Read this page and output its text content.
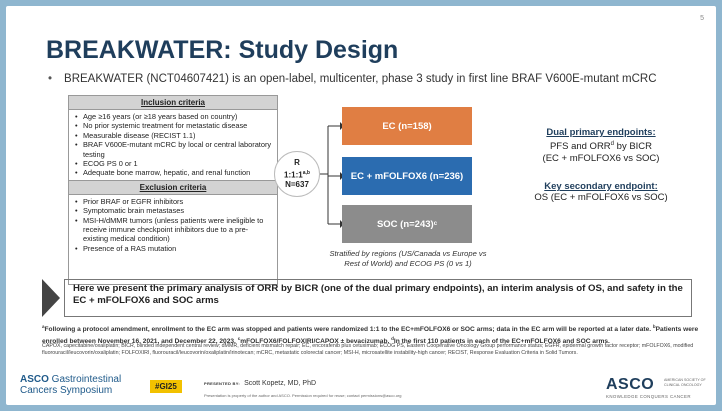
5
BREAKWATER: Study Design
• BREAKWATER (NCT04607421) is an open-label, multicenter, phase 3 study in first line BRAF V600E-mutant mCRC
Inclusion criteria
• Age ≥16 years (or ≥18 years based on country)
• No prior systemic treatment for metastatic disease
• Measurable disease (RECIST 1.1)
• BRAF V600E-mutant mCRC by local or central laboratory testing
• ECOG PS 0 or 1
• Adequate bone marrow, hepatic, and renal function
Exclusion criteria
• Prior BRAF or EGFR inhibitors
• Symptomatic brain metastases
• MSI-H/dMMR tumors (unless patients were ineligible to receive immune checkpoint inhibitors due to a pre-existing medical condition)
• Presence of a RAS mutation
R
1:1:1$^{a,b}$
N=637
EC (n=158)
EC + mFOLFOX6 (n=236)
SOC (n=243) c
Stratified by regions (US/Canada vs Europe vs Rest of World) and ECOG PS (0 vs 1)
Dual primary endpoints:
PFS and ORR$^d$ by BICR
(EC + mFOLFOX6 vs SOC)
Key secondary endpoint:
OS (EC + mFOLFOX6 vs SOC)
Here we present the primary analysis of ORR by BICR (one of the dual primary endpoints), an interim analysis of OS, and safety in the EC + mFOLFOX6 and SOC arms
$^a$Following a protocol amendment, enrollment to the EC arm was stopped and patients were randomized 1:1 to the EC+mFOLFOX6 or SOC arms; data in the EC arm will be reported at a later date. $^b$Patients were enrolled between November 16, 2021, and December 22, 2023. $^c$mFOLFOX6/FOLFOXIRI/CAPOX ± bevacizumab. $^d$In the first 110 patients in each of the EC+mFOLFOX6 and SOC arms.
CAPOX, capecitabine/oxaliplatin; BICR, blinded independent central review; dMMR, deficient mismatch repair; EC, encorafenib plus cetuximab; ECOG PS, Eastern Cooperative Oncology Group performance status; EGFR, epidermal growth factor receptor; mFOLFOX6, modified fluorouracil/leucovorin/oxaliplatin; FOLFOXIRI, fluorouracil/leucovorin/oxaliplatin/irinotecan; mCRC, metastatic colorectal cancer; MSI-H, microsatellite instability-high cancer; RECIST, Response Evaluation Criteria in Solid Tumors.
ASCO Gastrointestinal
Cancers Symposium	#GI25	PRESENTED BY: Scott Kopetz, MD, PhD
Presentation is property of the author and ASCO. Permission required for reuse; contact permissions@asco.org
ASCO	AMERICAN SOCIETY OF CLINICAL ONCOLOGY
KNOWLEDGE CONQUERS CANCER
